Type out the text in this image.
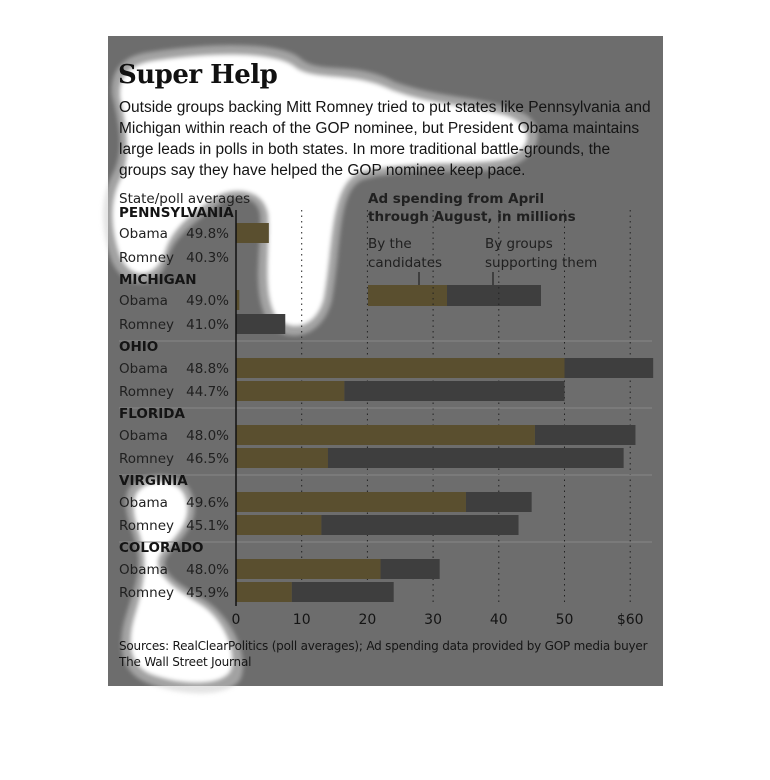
Super Help

Outside groups backing Mitt Romney tried to put states like Pennsylvania and Michigan within reach of the GOP nominee, but President Obama maintains large leads in polls in both states. In more traditional battle-grounds, the groups say they have helped the GOP nominee keep pace.

State/poll averages	Ad spending from April
through August, in millions
By the
candidates
By groups
supporting them
PENNSYLVANIA
Obama 49.8%
Romney 40.3%
MICHIGAN
Obama 49.0%
Romney 41.0%
OHIO
Obama 48.8%
Romney 44.7%
FLORIDA
Obama 48.0%
Romney 46.5%
VIRGINIA
Obama 49.6%
Romney 45.1%
COLORADO
Obama 48.0%
Romney 45.9%
0	10	20	30	40	50	$60
Sources: RealClearPolitics (poll averages); Ad spending data provided by GOP media buyer
The Wall Street Journal
